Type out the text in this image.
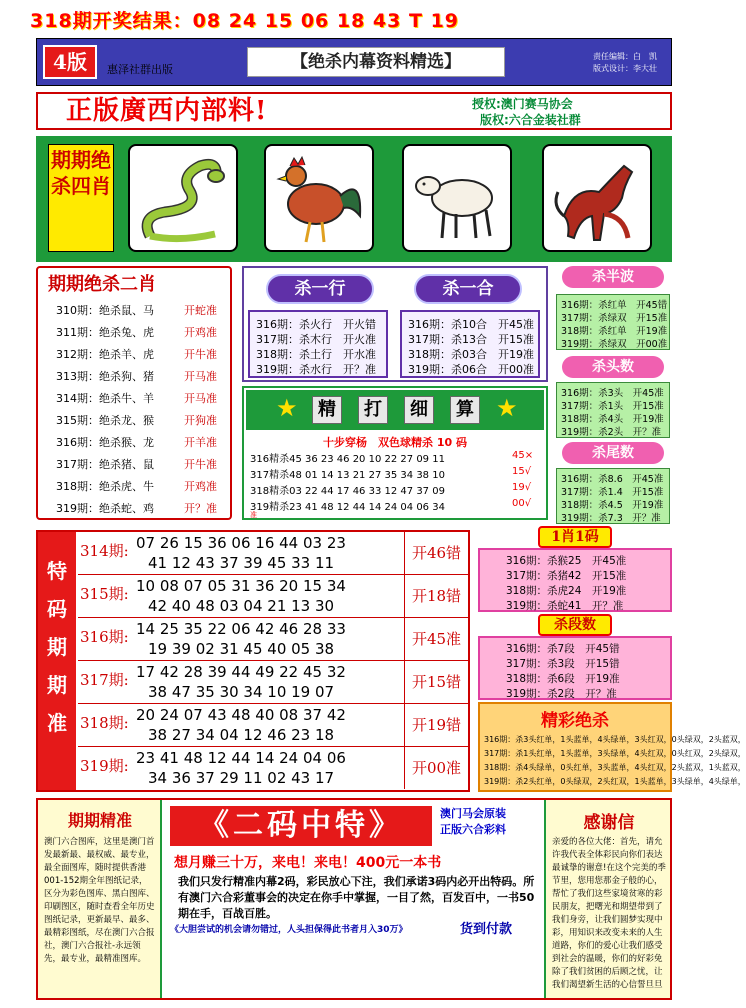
318期开奖结果：08 24 15 06 18 43 T 19
4版	惠泽社群出版	【绝杀内幕资料精选】	责任编辑：白　凯
版式设计：李大壮
正版廣西内部料!	授权:澳门赛马协会
版权:六合金装社群
期期绝杀四肖
期期绝杀二肖
310期：绝杀鼠、马	开蛇准
311期：绝杀兔、虎	开鸡准
312期：绝杀羊、虎	开牛准
313期：绝杀狗、猪	开马准
314期：绝杀牛、羊	开马准
315期：绝杀龙、猴	开狗准
316期：绝杀猴、龙	开羊准
317期：绝杀猪、鼠	开牛准
318期：绝杀虎、牛	开鸡准
319期：绝杀蛇、鸡	开？准
杀一行	杀一合
316期：杀火行　开火错
317期：杀木行　开火准
318期：杀土行　开水准
319期：杀水行　开？准
316期：杀10合　开45准
317期：杀13合　开15准
318期：杀03合　开19准
319期：杀06合　开00准
★	精	打	细	算 ★
十步穿杨　双色球精杀 10 码
316精杀45 36 23 46 20 10 22 27 09 11	45×
317精杀48 01 14 13 21 27 35 34 38 10	15√
318精杀03 22 44 17 46 33 12 47 37 09	19√
319精杀23 41 48 12 44 14 24 04 06 34	00√
准
杀半波
316期：杀红单　开45错
317期：杀绿双　开15准
318期：杀红单　开19准
319期：杀绿双　开00准
杀头数
316期：杀3头　开45准
317期：杀1头　开15准
318期：杀4头　开19准
319期：杀2头　开？准
杀尾数
316期：杀8.6　开45准
317期：杀1.4　开15准
318期：杀4.5　开19准
319期：杀7.3　开？准
特码期期准
314期: 07 26 15 36 06 16 44 03 23
41 12 43 37 39 45 33 11
开46错
315期: 10 08 07 05 31 36 20 15 34
42 40 48 03 04 21 13 30
开18错
316期: 14 25 35 22 06 42 46 28 33
19 39 02 31 45 40 05 38
开45准
317期: 17 42 28 39 44 49 22 45 32
38 47 35 30 34 10 19 07
开15错
318期: 20 24 07 43 48 40 08 37 42
38 27 34 04 12 46 23 18
开19错
319期: 23 41 48 12 44 14 24 04 06
34 36 37 29 11 02 43 17
开00准
1肖1码
316期：杀猴25　开45准
317期：杀猪42　开15准
318期：杀虎24　开19准
319期：杀蛇41　开？准
杀段数
316期：杀7段　开45错
317期：杀3段　开15错
318期：杀6段　开19准
319期：杀2段　开？准
精彩绝杀
316期：杀3头红单，1头蓝单，4头绿单，3头红双，0头绿双，2头蓝双，
317期：杀1头红单，1头蓝单，3头绿单，4头红双，0头红双，2头绿双，
318期：杀4头绿单，0头红单，3头蓝单，4头红双，2头蓝双，1头蓝双，
319期：杀2头红单，0头绿双，2头红双，1头蓝单，3头绿单，4头绿单，
期期精准
澳门六合图库，这里是澳门首发最新最、最权威、最专业，最全面图库，随时提供香港001-152期全年图纸记录，区分为彩色图库、黑白图库、印刷图区，随时查看全年历史图纸记录，更新最早、最多、最精彩图纸，尽在澳门六合报社，澳门六合报社-永远领先，最专业，最精准图库。
《二码中特》	澳门马会原装
正版六合彩料
想月赚三十万，来电！来电！400元一本书
我们只发行精准内幕2码，彩民放心下注，我们承诺3码内必开出特码。所有澳门六合彩董事会的决定在你手中掌握，一目了然，百发百中，一书50期在手，百战百胜。
《大胆尝试的机会请勿错过，人头担保得此书者月入30万》	货到付款
感谢信
亲爱的各位大佬：首先，请允许我代表全体彩民向你们表达最诚挚的谢意!在这个完美的季节里，您用您那金子般的心，帮忙了我们这些家境贫寒的彩民朋友，把曙光和期望带到了我们身旁，让我们圆梦实现中彩，用知识来改变未来的人生道路，你们的爱心让我们感受到社会的温暖，你们的好彩免除了我们贫困的后顾之忧，让我们渴望新生活的心信誓旦旦
